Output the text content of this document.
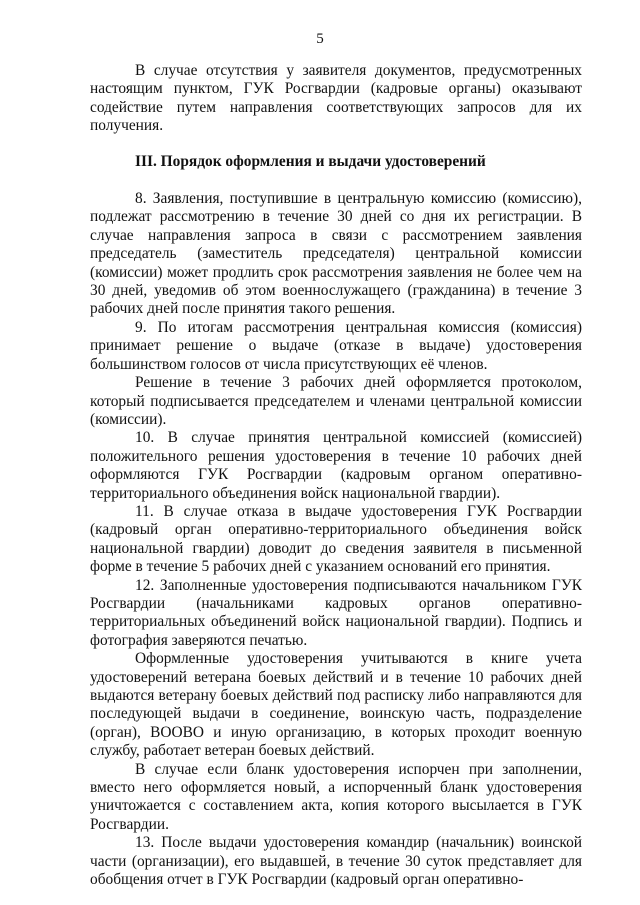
5

В случае отсутствия у заявителя документов, предусмотренных настоящим пунктом, ГУК Росгвардии (кадровые органы) оказывают содействие путем направления соответствующих запросов для их получения.

III. Порядок оформления и выдачи удостоверений

8. Заявления, поступившие в центральную комиссию (комиссию), подлежат рассмотрению в течение 30 дней со дня их регистрации. В случае направления запроса в связи с рассмотрением заявления председатель (заместитель председателя) центральной комиссии (комиссии) может продлить срок рассмотрения заявления не более чем на 30 дней, уведомив об этом военнослужащего (гражданина) в течение 3 рабочих дней после принятия такого решения.

9. По итогам рассмотрения центральная комиссия (комиссия) принимает решение о выдаче (отказе в выдаче) удостоверения большинством голосов от числа присутствующих её членов.

Решение в течение 3 рабочих дней оформляется протоколом, который подписывается председателем и членами центральной комиссии (комиссии).

10. В случае принятия центральной комиссией (комиссией) положительного решения удостоверения в течение 10 рабочих дней оформляются ГУК Росгвардии (кадровым органом оперативно-территориального объединения войск национальной гвардии).

11. В случае отказа в выдаче удостоверения ГУК Росгвардии (кадровый орган оперативно-территориального объединения войск национальной гвардии) доводит до сведения заявителя в письменной форме в течение 5 рабочих дней с указанием оснований его принятия.

12. Заполненные удостоверения подписываются начальником ГУК Росгвардии (начальниками кадровых органов оперативно-территориальных объединений войск национальной гвардии). Подпись и фотография заверяются печатью.

Оформленные удостоверения учитываются в книге учета удостоверений ветерана боевых действий и в течение 10 рабочих дней выдаются ветерану боевых действий под расписку либо направляются для последующей выдачи в соединение, воинскую часть, подразделение (орган), ВООВО и иную организацию, в которых проходит военную службу, работает ветеран боевых действий.

В случае если бланк удостоверения испорчен при заполнении, вместо него оформляется новый, а испорченный бланк удостоверения уничтожается с составлением акта, копия которого высылается в ГУК Росгвардии.

13. После выдачи удостоверения командир (начальник) воинской части (организации), его выдавшей, в течение 30 суток представляет для обобщения отчет в ГУК Росгвардии (кадровый орган оперативно-
